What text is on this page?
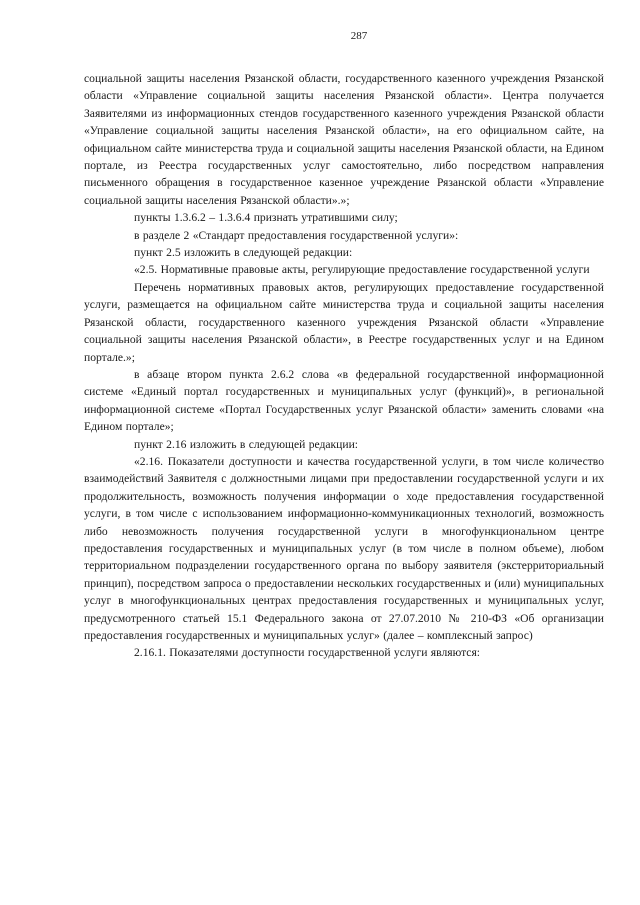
287

социальной защиты населения Рязанской области, государственного казенного учреждения Рязанской области «Управление социальной защиты населения Рязанской области». Центра получается Заявителями из информационных стендов государственного казенного учреждения Рязанской области «Управление социальной защиты населения Рязанской области», на его официальном сайте, на официальном сайте министерства труда и социальной защиты населения Рязанской области, на Едином портале, из Реестра государственных услуг самостоятельно, либо посредством направления письменного обращения в государственное казенное учреждение Рязанской области «Управление социальной защиты населения Рязанской области».»;

пункты 1.3.6.2 – 1.3.6.4 признать утратившими силу;

в разделе 2 «Стандарт предоставления государственной услуги»:

пункт 2.5 изложить в следующей редакции:

«2.5. Нормативные правовые акты, регулирующие предоставление государственной услуги

Перечень нормативных правовых актов, регулирующих предоставление государственной услуги, размещается на официальном сайте министерства труда и социальной защиты населения Рязанской области, государственного казенного учреждения Рязанской области «Управление социальной защиты населения Рязанской области», в Реестре государственных услуг и на Едином портале.»;

в абзаце втором пункта 2.6.2 слова «в федеральной государственной информационной системе «Единый портал государственных и муниципальных услуг (функций)», в региональной информационной системе «Портал Государственных услуг Рязанской области» заменить словами «на Едином портале»;

пункт 2.16 изложить в следующей редакции:

«2.16. Показатели доступности и качества государственной услуги, в том числе количество взаимодействий Заявителя с должностными лицами при предоставлении государственной услуги и их продолжительность, возможность получения информации о ходе предоставления государственной услуги, в том числе с использованием информационно-коммуникационных технологий, возможность либо невозможность получения государственной услуги в многофункциональном центре предоставления государственных и муниципальных услуг (в том числе в полном объеме), любом территориальном подразделении государственного органа по выбору заявителя (экстерриториальный принцип), посредством запроса о предоставлении нескольких государственных и (или) муниципальных услуг в многофункциональных центрах предоставления государственных и муниципальных услуг, предусмотренного статьей 15.1 Федерального закона от 27.07.2010 № 210-ФЗ «Об организации предоставления государственных и муниципальных услуг» (далее – комплексный запрос)

2.16.1. Показателями доступности государственной услуги являются:
